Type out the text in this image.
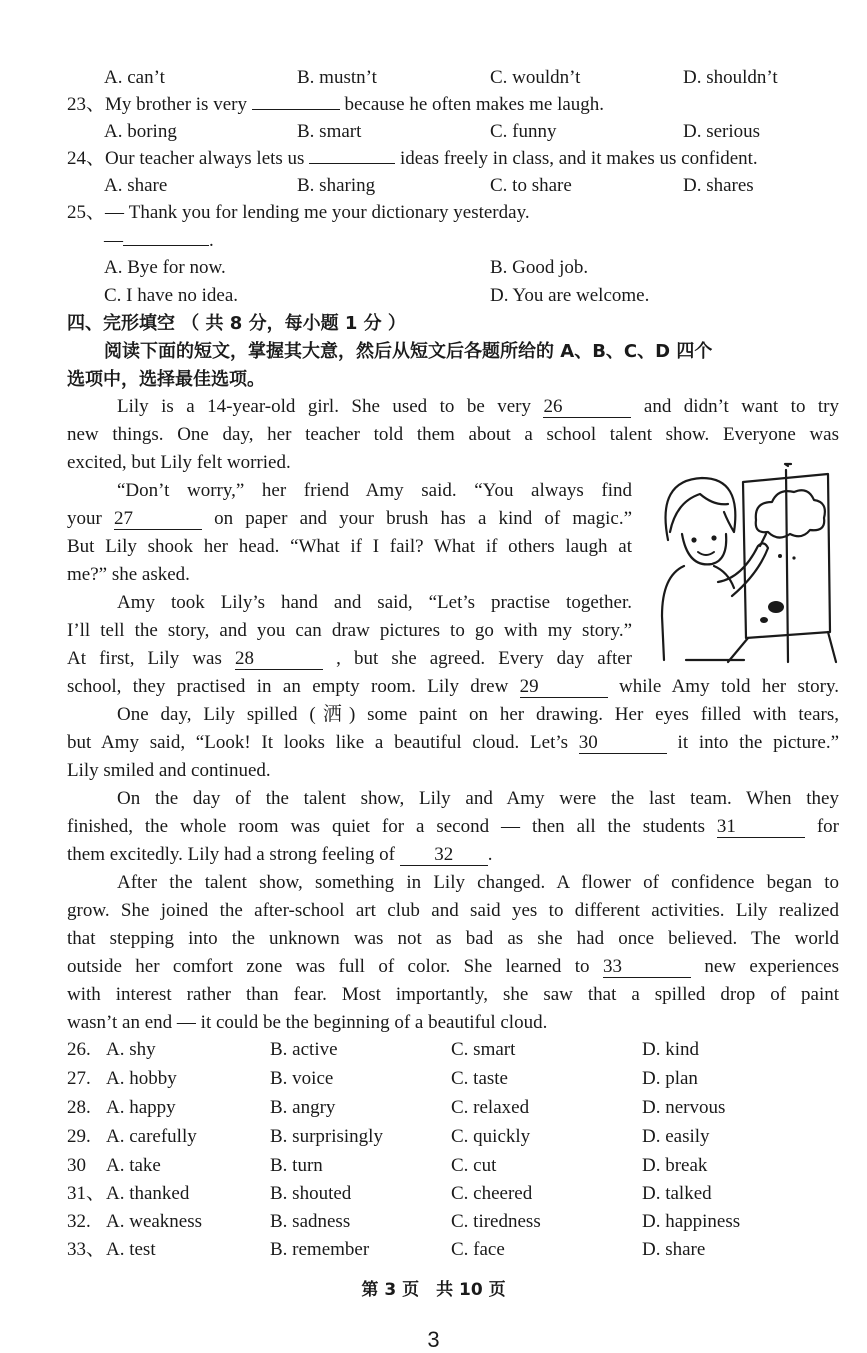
A. can’t	B. mustn’t	C. wouldn’t	D. shouldn’t
23、My brother is very	because he often makes me laugh.
A. boring	B. smart	C. funny	D. serious
24、Our teacher always lets us	ideas freely in class, and it makes us confident.
A. share	B. sharing	C. to share	D. shares
25、— Thank you for lending me your dictionary yesterday.
—	.
A. Bye for now.	B. Good job.
C. I have no idea.	D. You are welcome.
四、完形填空 （ 共 8 分，每小题 1 分 ）
阅读下面的短文，掌握其大意，然后从短文后各题所给的 A、B、C、D 四个
选项中，选择最佳选项。
Lily is a 14-year-old girl. She used to be very 26	and didn’t want to try
new things. One day, her teacher told them about a school talent show. Everyone was
excited, but Lily felt worried.
“Don’t worry,” her friend Amy said. “You always find
your 27	on paper and your brush has a kind of magic.”
But Lily shook her head. “What if I fail? What if others laugh at
me?” she asked.
Amy took Lily’s hand and said, “Let’s practise together.
I’ll tell the story, and you can draw pictures to go with my story.”
At first, Lily was 28	, but she agreed. Every day after
school, they practised in an empty room. Lily drew 29	while Amy told her story.
One day, Lily spilled (洒) some paint on her drawing. Her eyes filled with tears,
but Amy said, “Look! It looks like a beautiful cloud. Let’s 30	it into the picture.”
Lily smiled and continued.
On the day of the talent show, Lily and Amy were the last team. When they
finished, the whole room was quiet for a second — then all the students 31	for
them excitedly. Lily had a strong feeling of 32 .
After the talent show, something in Lily changed. A flower of confidence began to
grow. She joined the after-school art club and said yes to different activities. Lily realized
that stepping into the unknown was not as bad as she had once believed. The world
outside her comfort zone was full of color. She learned to 33	new experiences
with interest rather than fear. Most importantly, she saw that a spilled drop of paint
wasn’t an end — it could be the beginning of a beautiful cloud.
26. A. shy	B. active	C. smart	D. kind
27. A. hobby	B. voice	C. taste	D. plan
28. A. happy	B. angry	C. relaxed	D. nervous
29. A. carefully	B. surprisingly	C. quickly	D. easily
30 A. take	B. turn	C. cut	D. break
31、 A. thanked	B. shouted	C. cheered	D. talked
32. A. weakness	B. sadness	C. tiredness	D. happiness
33、 A. test	B. remember	C. face	D. share
第 3 页　共 10 页
3
